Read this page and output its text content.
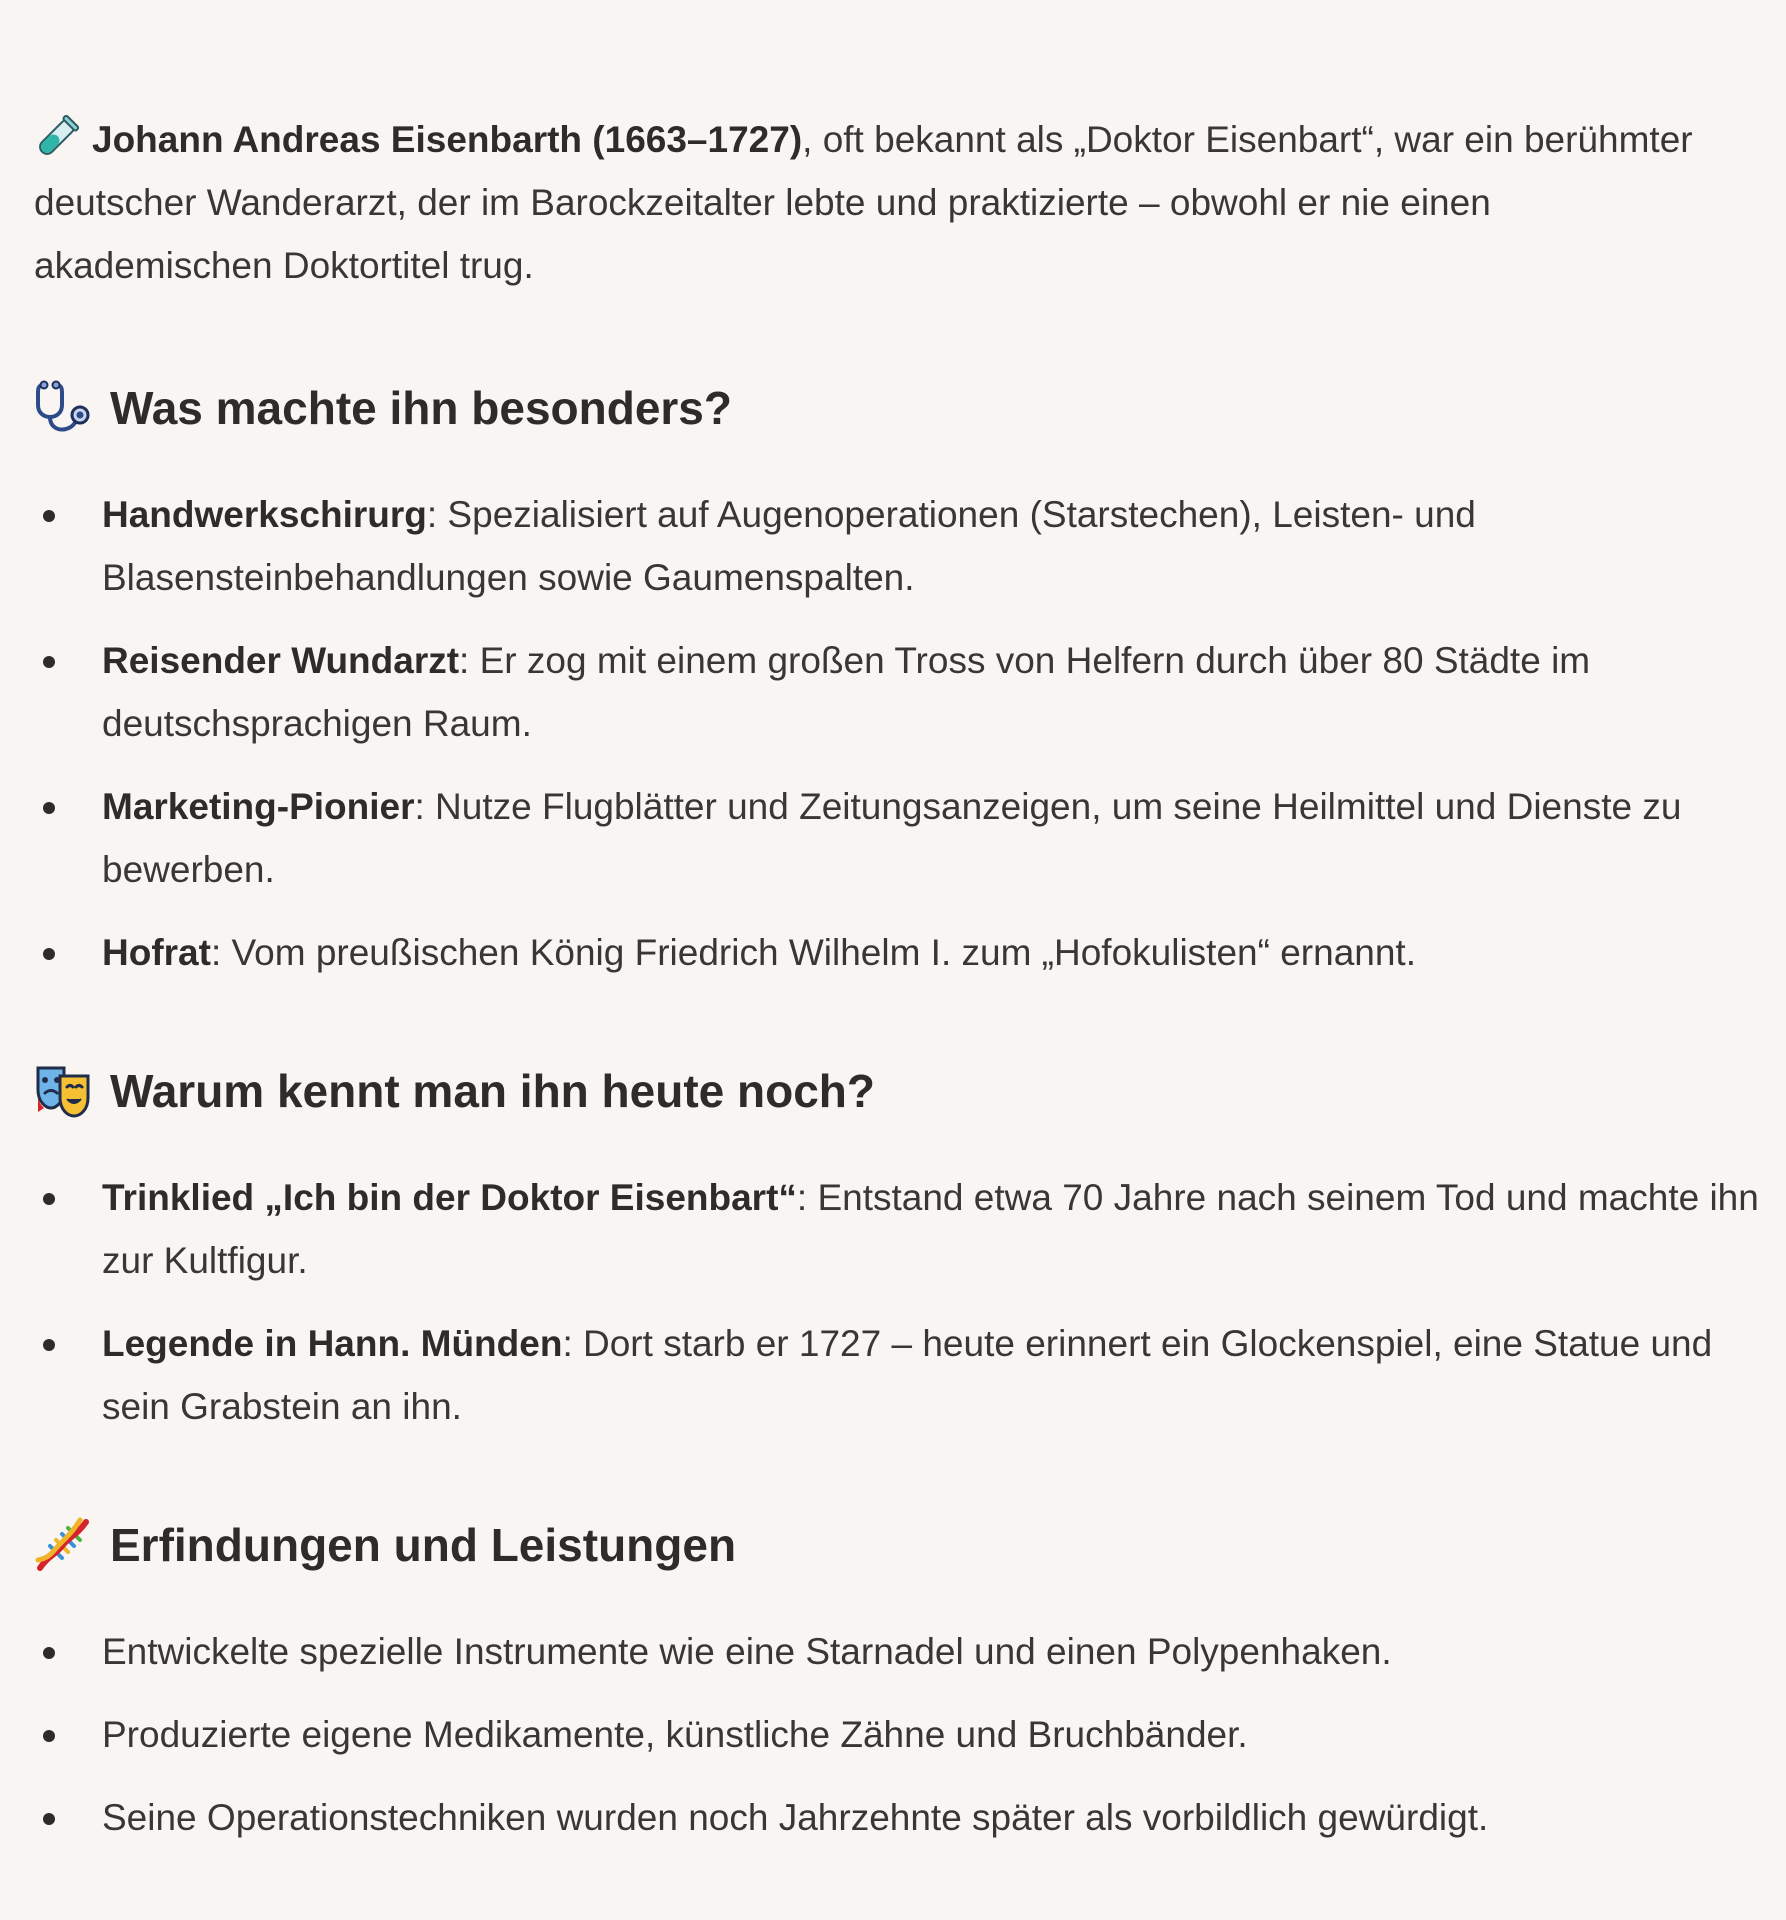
Johann Andreas Eisenbarth (1663–1727), oft bekannt als „Doktor Eisenbart“, war ein berühmter deutscher Wanderarzt, der im Barockzeitalter lebte und praktizierte – obwohl er nie einen akademischen Doktortitel trug.

Was machte ihn besonders?
Handwerkschirurg: Spezialisiert auf Augenoperationen (Starstechen), Leisten- und Blasensteinbehandlungen sowie Gaumenspalten.
Reisender Wundarzt: Er zog mit einem großen Tross von Helfern durch über 80 Städte im deutschsprachigen Raum.
Marketing-Pionier: Nutze Flugblätter und Zeitungsanzeigen, um seine Heilmittel und Dienste zu bewerben.
Hofrat: Vom preußischen König Friedrich Wilhelm I. zum „Hofokulisten“ ernannt.
Warum kennt man ihn heute noch?
Trinklied „Ich bin der Doktor Eisenbart“: Entstand etwa 70 Jahre nach seinem Tod und machte ihn zur Kultfigur.
Legende in Hann. Münden: Dort starb er 1727 – heute erinnert ein Glockenspiel, eine Statue und sein Grabstein an ihn.
Erfindungen und Leistungen
Entwickelte spezielle Instrumente wie eine Starnadel und einen Polypenhaken.
Produzierte eigene Medikamente, künstliche Zähne und Bruchbänder.
Seine Operationstechniken wurden noch Jahrzehnte später als vorbildlich gewürdigt.
